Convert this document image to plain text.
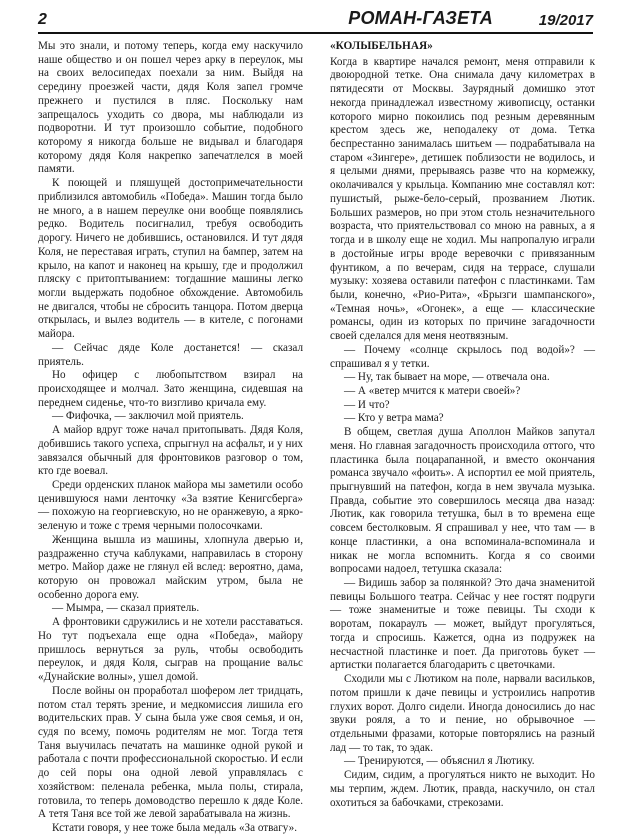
2	РОМАН-ГАЗЕТА	19/2017

Мы это знали, и потому теперь, когда ему наскучило наше общество и он пошел через арку в переулок, мы на своих велосипедах поехали за ним. Выйдя на середину проезжей части, дядя Коля запел громче прежнего и пустился в пляс. Поскольку нам запрещалось уходить со двора, мы наблюдали из подворотни. И тут произошло событие, подобного которому я никогда больше не видывал и благодаря которому дядя Коля накрепко запечатлелся в моей памяти.

К поющей и пляшущей достопримечательности приблизился автомобиль «Победа». Машин тогда было не много, а в нашем переулке они вообще появлялись редко. Водитель посигналил, требуя освободить дорогу. Ничего не добившись, остановился. И тут дядя Коля, не переставая играть, ступил на бампер, затем на крыло, на капот и наконец на крышу, где и продолжил пляску с притоптыванием: тогдашние машины легко могли выдержать подобное обхождение. Автомобиль не двигался, чтобы не сбросить танцора. Потом дверца открылась, и вылез водитель — в кителе, с погонами майора.

— Сейчас дяде Коле достанется! — сказал приятель.

Но офицер с любопытством взирал на происходящее и молчал. Зато женщина, сидевшая на переднем сиденье, что-то визгливо кричала ему.

— Фифочка, — заключил мой приятель.

А майор вдруг тоже начал притопывать. Дядя Коля, добившись такого успеха, спрыгнул на асфальт, и у них завязался обычный для фронтовиков разговор о том, кто где воевал.

Среди орденских планок майора мы заметили особо ценившуюся нами ленточку «За взятие Кенигсберга» — похожую на георгиевскую, но не оранжевую, а ярко-зеленую и тоже с тремя черными полосочками.

Женщина вышла из машины, хлопнула дверью и, раздраженно стуча каблуками, направилась в сторону метро. Майор даже не глянул ей вслед: вероятно, дама, которую он провожал майским утром, была не особенно дорога ему.

— Мымра, — сказал приятель.

А фронтовики сдружились и не хотели расставаться. Но тут подъехала еще одна «Победа», майору пришлось вернуться за руль, чтобы освободить переулок, и дядя Коля, сыграв на прощание вальс «Дунайские волны», ушел домой.

После войны он проработал шофером лет тридцать, потом стал терять зрение, и медкомиссия лишила его водительских прав. У сына была уже своя семья, и он, судя по всему, помочь родителям не мог. Тогда тетя Таня выучилась печатать на машинке одной рукой и работала с почти профессиональной скоростью. И если до сей поры она одной левой управлялась с хозяйством: пеленала ребенка, мыла полы, стирала, готовила, то теперь домоводство перешло к дяде Коле. А тетя Таня все той же левой зарабатывала на жизнь.

Кстати говоря, у нее тоже была медаль «За отвагу».

«КОЛЫБЕЛЬНАЯ»

Когда в квартире начался ремонт, меня отправили к двоюродной тетке. Она снимала дачу километрах в пятидесяти от Москвы. Заурядный домишко этот некогда принадлежал известному живописцу, останки которого мирно покоились под резным деревянным крестом здесь же, неподалеку от дома. Тетка беспрестанно занималась шитьем — подрабатывала на старом «Зингере», детишек поблизости не водилось, и я целыми днями, прерываясь разве что на кормежку, околачивался у крыльца. Компанию мне составлял кот: пушистый, рыже-бело-серый, прозванием Лютик. Больших размеров, но при этом столь незначительного возраста, что приятельствовал со мною на равных, а я тогда и в школу еще не ходил. Мы напропалую играли в достойные игры вроде веревочки с привязанным фунтиком, а по вечерам, сидя на террасе, слушали музыку: хозяева оставили патефон с пластинками. Там были, конечно, «Рио-Рита», «Брызги шампанского», «Темная ночь», «Огонек», а еще — классические романсы, один из которых по причине загадочности своей сделался для меня неотвязным.

— Почему «солнце скрылось под водой»? — спрашивал я у тетки.

— Ну, так бывает на море, — отвечала она.

— А «ветер мчится к матери своей»?

— И что?

— Кто у ветра мама?

В общем, светлая душа Аполлон Майков запутал меня. Но главная загадочность происходила оттого, что пластинка была поцарапанной, и вместо окончания романса звучало «фоить». А испортил ее мой приятель, прыгнувший на патефон, когда в нем звучала музыка. Правда, событие это совершилось месяца два назад: Лютик, как говорила тетушка, был в то времена еще совсем бестолковым. Я спрашивал у нее, что там — в конце пластинки, а она вспоминала-вспоминала и никак не могла вспомнить. Когда я со своими вопросами надоел, тетушка сказала:

— Видишь забор за полянкой? Это дача знаменитой певицы Большого театра. Сейчас у нее гостят подруги — тоже знаменитые и тоже певицы. Ты сходи к воротам, покараулъ — может, выйдут прогуляться, тогда и спросишь. Кажется, одна из подружек на несчастной пластинке и поет. Да приготовь букет — артистки полагается благодарить с цветочками.

Сходили мы с Лютиком на поле, нарвали васильков, потом пришли к даче певицы и устроились напротив глухих ворот. Долго сидели. Иногда доносились до нас звуки рояля, а то и пение, но обрывочное — отдельными фразами, которые повторялись на разный лад — то так, то эдак.

— Тренируются, — объяснил я Лютику.

Сидим, сидим, а прогуляться никто не выходит. Но мы терпим, ждем. Лютик, правда, наскучило, он стал охотиться за бабочками, стрекозами.
